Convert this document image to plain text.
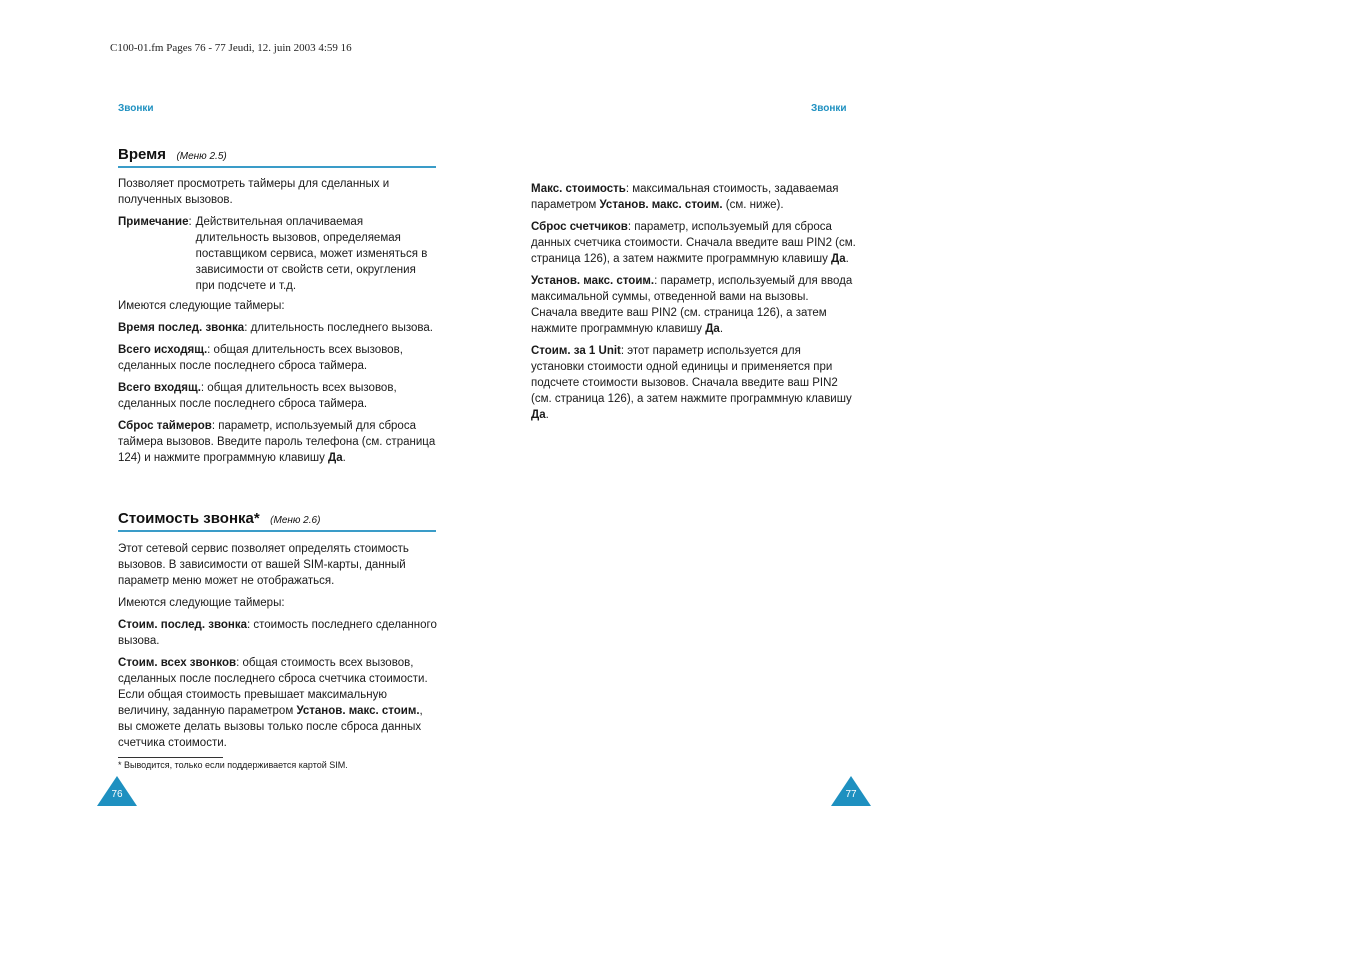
C100-01.fm Pages 76 - 77 Jeudi, 12. juin 2003 4:59 16
Звонки
Время (Меню 2.5)

Позволяет просмотреть таймеры для сделанных и полученных вызовов.

Примечание: Действительная оплачиваемая длительность вызовов, определяемая поставщиком сервиса, может изменяться в зависимости от свойств сети, округления при подсчете и т.д.

Имеются следующие таймеры:

Время послед. звонка: длительность последнего вызова.

Всего исходящ.: общая длительность всех вызовов, сделанных после последнего сброса таймера.

Всего входящ.: общая длительность всех вызовов, сделанных после последнего сброса таймера.

Сброс таймеров: параметр, используемый для сброса таймера вызовов. Введите пароль телефона (см. страница 124) и нажмите программную клавишу Да.

Стоимость звонка* (Меню 2.6)

Этот сетевой сервис позволяет определять стоимость вызовов. В зависимости от вашей SIM-карты, данный параметр меню может не отображаться.

Имеются следующие таймеры:

Стоим. послед. звонка: стоимость последнего сделанного вызова.

Стоим. всех звонков: общая стоимость всех вызовов, сделанных после последнего сброса счетчика стоимости. Если общая стоимость превышает максимальную величину, заданную параметром Установ. макс. стоим., вы сможете делать вызовы только после сброса данных счетчика стоимости.

* Выводится, только если поддерживается картой SIM.
76
Звонки

Макс. стоимость: максимальная стоимость, задаваемая параметром Установ. макс. стоим. (см. ниже).

Сброс счетчиков: параметр, используемый для сброса данных счетчика стоимости. Сначала введите ваш PIN2 (см. страница 126), а затем нажмите программную клавишу Да.

Установ. макс. стоим.: параметр, используемый для ввода максимальной суммы, отведенной вами на вызовы. Сначала введите ваш PIN2 (см. страница 126), а затем нажмите программную клавишу Да.

Стоим. за 1 Unit: этот параметр используется для установки стоимости одной единицы и применяется при подсчете стоимости вызовов. Сначала введите ваш PIN2 (см. страница 126), а затем нажмите программную клавишу Да.

77
